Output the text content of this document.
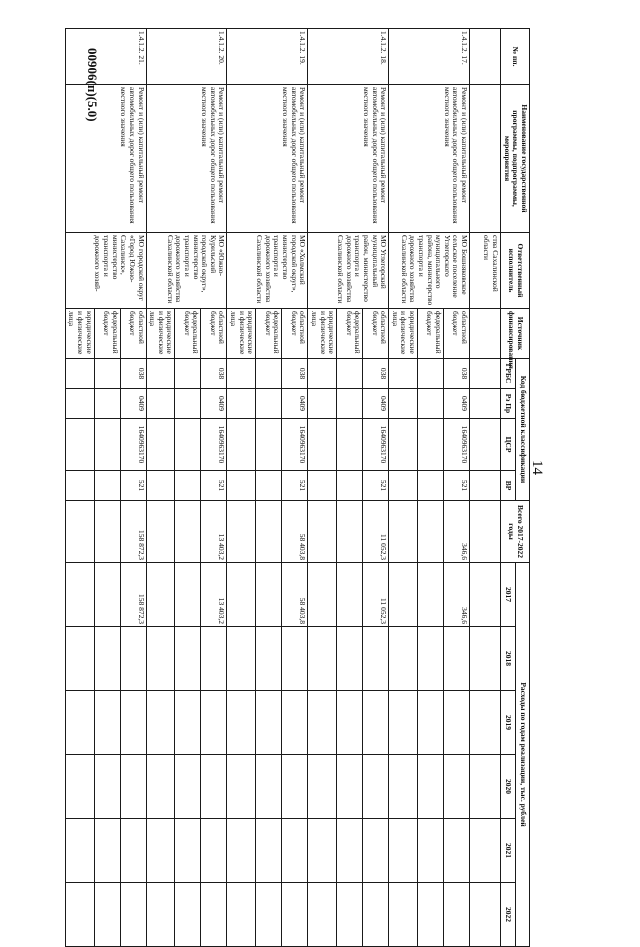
14
00906(п)(5.0)	№ пп.	Наименование государственной программы, подпрограммы, мероприятия	Ответственный исполнитель	Источник финансирования	Код бюджетной классификации				Всего 2017-2022 годы	Расходы по годам реализации, тыс. рублей					
				ГРБС	Рз Пр	ЦСР	ВР		2017	2018	2019	2020	2021	2022
		ства Сахалинской области												
1.4.1.2. 17.	Ремонт и (или) капитальный ремонт автомобильных дорог общего пользования местного значения	МО Бошняковское сельское поселение Углегорского муниципального района, министерство транспорта и дорожного хозяйства Сахалинской области	областной бюджет	038	0409	1640963170	521	346,6	346,6					
			федеральный бюджет											
			юридические и физические лица											
1.4.1.2. 18.	Ремонт и (или) капитальный ремонт автомобильных дорог общего пользования местного значения	МО Углегорский муниципальный район, министерство транспорта и дорожного хозяйства Сахалинской области	областной бюджет	038	0409	1640963170	521	11 052,3	11 052,3					
			федеральный бюджет											
			юридические и физические лица											
1.4.1.2. 19.	Ремонт и (или) капитальный ремонт автомобильных дорог общего пользования местного значения	МО «Холмский городской округ», министерство транспорта и дорожного хозяйства Сахалинской области	областной бюджет	038	0409	1640963170	521	58 403,8	58 403,8					
			федеральный бюджет											
			юридические и физические лица											
1.4.1.2. 20.	Ремонт и (или) капитальный ремонт автомобильных дорог общего пользования местного значения	МО «Южно-Курильский городской округ», министерство транспорта и дорожного хозяйства Сахалинской области	областной бюджет	038	0409	1640963170	521	13 403,2	13 403,2					
			федеральный бюджет											
			юридические и физические лица											
1.4.1.2. 21.	Ремонт и (или) капитальный ремонт автомобильных дорог общего пользования местного значения	МО городской округ «Город Южно-Сахалинск», министерство транспорта и дорожного хозяй-	областной бюджет	038	0409	1640963170	521	158 872,3	158 872,3					
			федеральный бюджет											
			юридические и физические лица											
